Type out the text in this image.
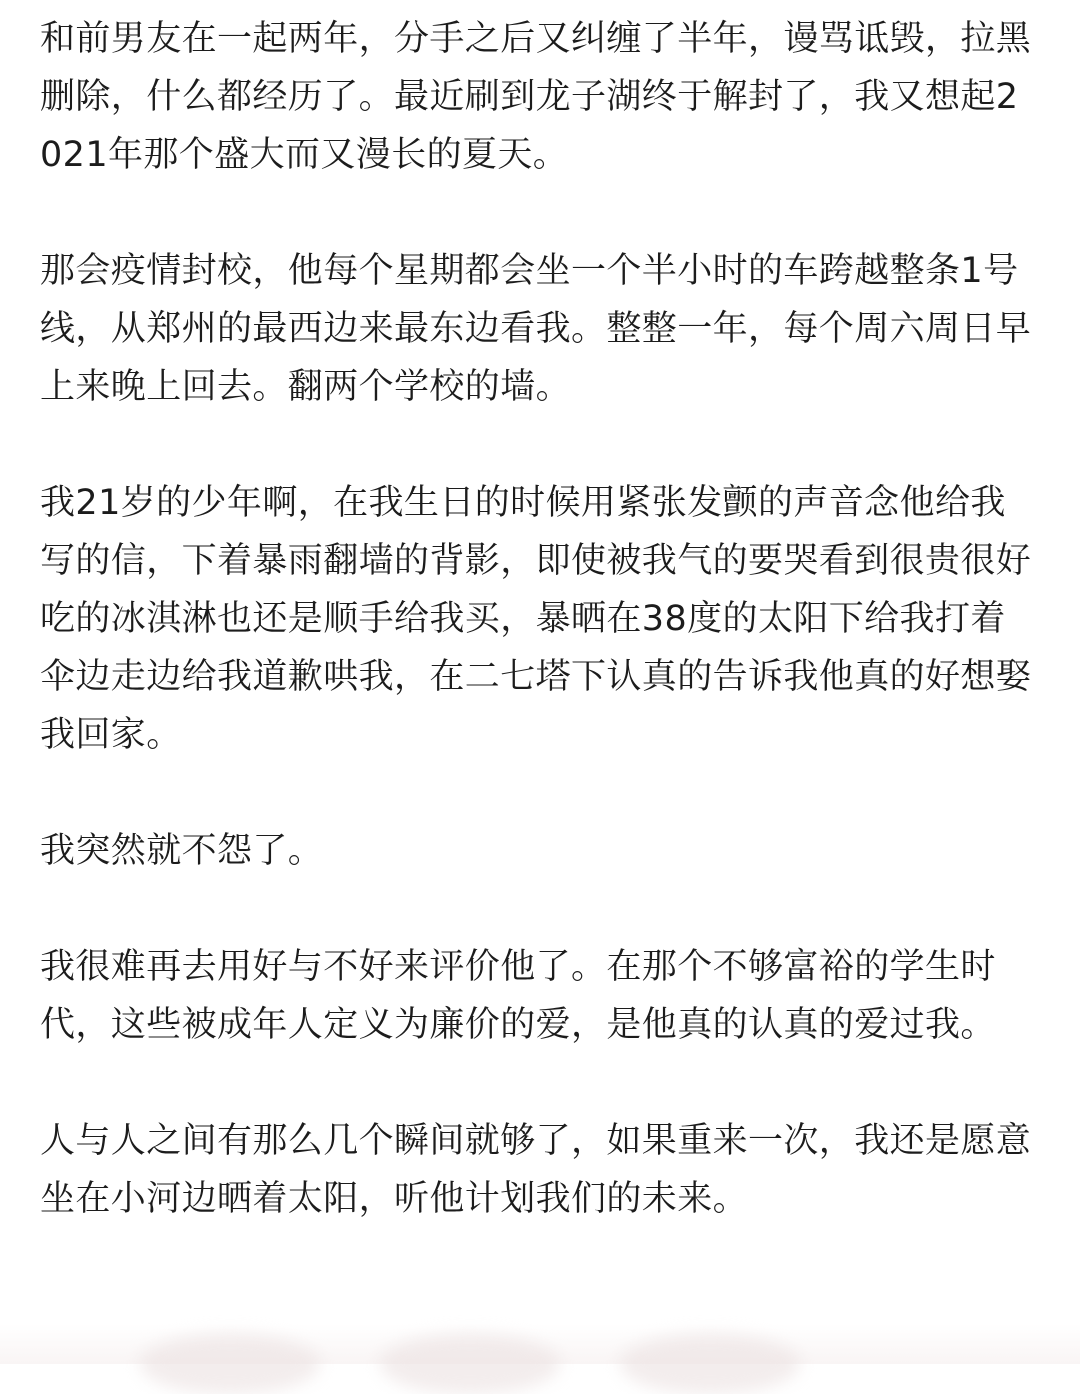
和前男友在一起两年，分手之后又纠缠了半年，谩骂诋毁，拉黑删除，什么都经历了。最近刷到龙子湖终于解封了，我又想起2021年那个盛大而又漫长的夏天。

那会疫情封校，他每个星期都会坐一个半小时的车跨越整条1号线，从郑州的最西边来最东边看我。整整一年，每个周六周日早上来晚上回去。翻两个学校的墙。

我21岁的少年啊，在我生日的时候用紧张发颤的声音念他给我写的信，下着暴雨翻墙的背影，即使被我气的要哭看到很贵很好吃的冰淇淋也还是顺手给我买，暴晒在38度的太阳下给我打着伞边走边给我道歉哄我，在二七塔下认真的告诉我他真的好想娶我回家。

我突然就不怨了。

我很难再去用好与不好来评价他了。在那个不够富裕的学生时代，这些被成年人定义为廉价的爱，是他真的认真的爱过我。

人与人之间有那么几个瞬间就够了，如果重来一次，我还是愿意坐在小河边晒着太阳，听他计划我们的未来。
